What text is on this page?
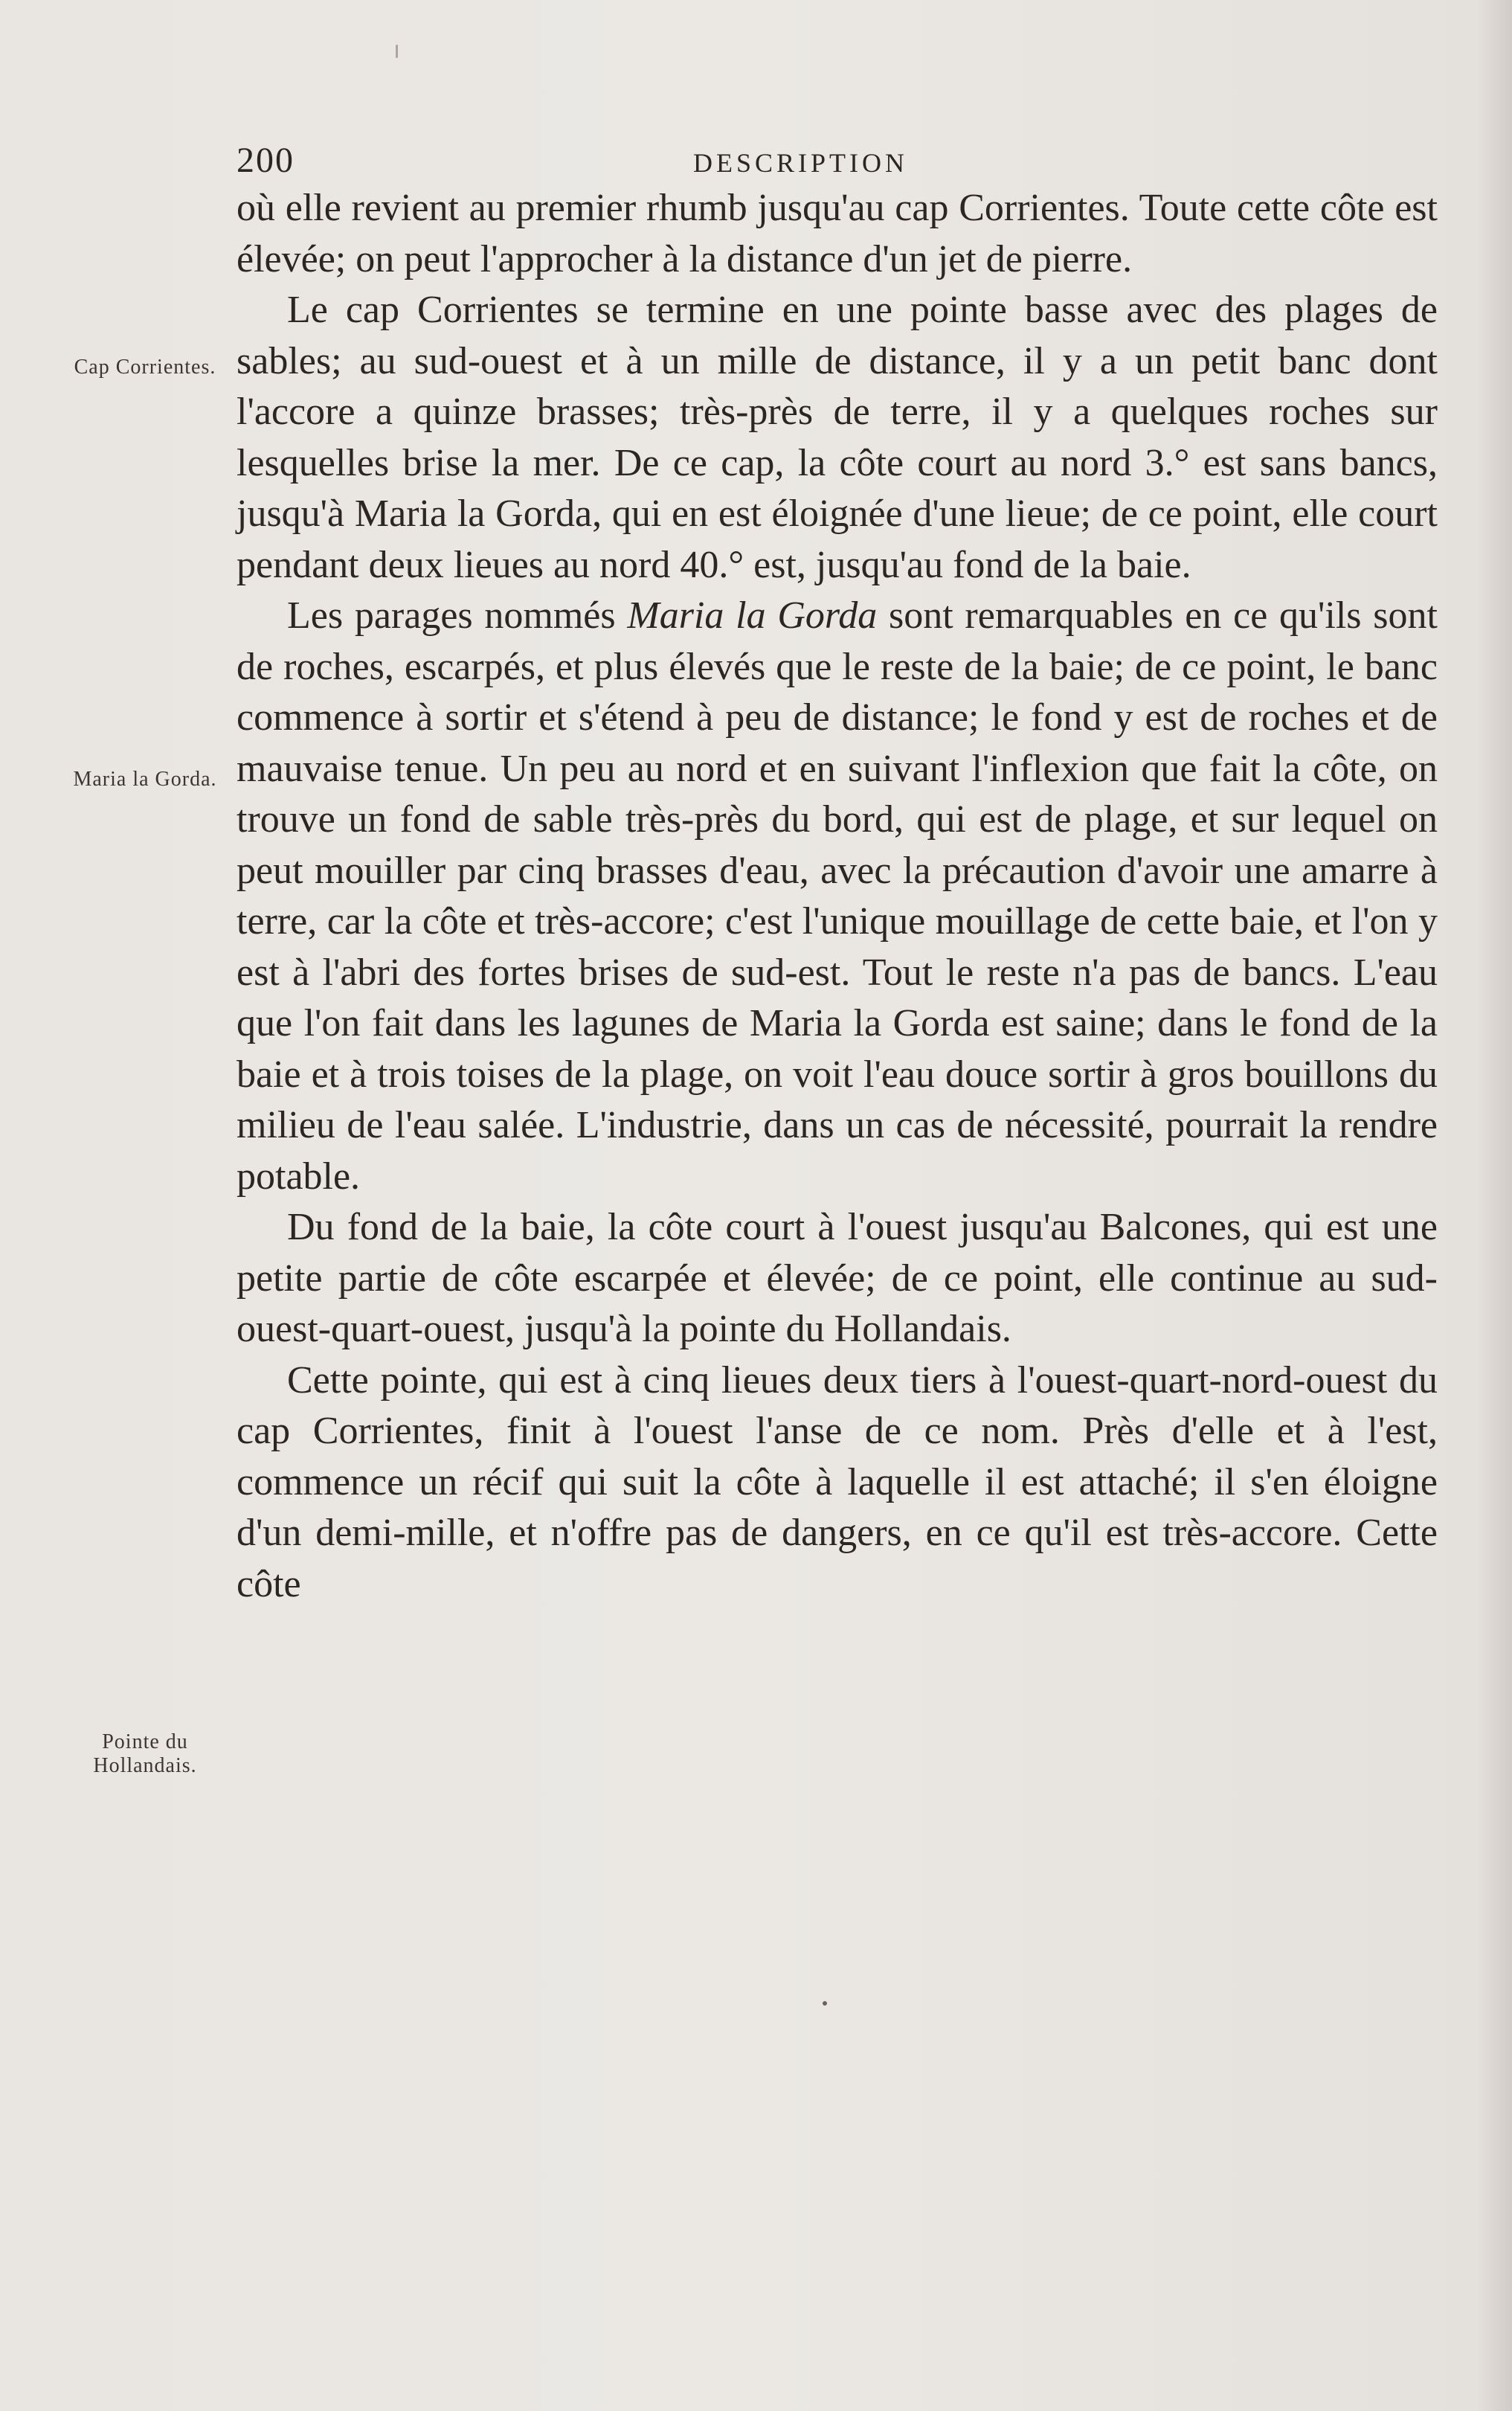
200	DESCRIPTION
Cap Corrientes.
Maria la Gorda.
Pointe du Hollandais.

où elle revient au premier rhumb jusqu'au cap Corrientes. Toute cette côte est élevée; on peut l'approcher à la distance d'un jet de pierre.

Le cap Corrientes se termine en une pointe basse avec des plages de sables; au sud-ouest et à un mille de distance, il y a un petit banc dont l'accore a quinze brasses; très-près de terre, il y a quelques roches sur lesquelles brise la mer. De ce cap, la côte court au nord 3.° est sans bancs, jusqu'à Maria la Gorda, qui en est éloignée d'une lieue; de ce point, elle court pendant deux lieues au nord 40.° est, jusqu'au fond de la baie.

Les parages nommés Maria la Gorda sont remarquables en ce qu'ils sont de roches, escarpés, et plus élevés que le reste de la baie; de ce point, le banc commence à sortir et s'étend à peu de distance; le fond y est de roches et de mauvaise tenue. Un peu au nord et en suivant l'inflexion que fait la côte, on trouve un fond de sable très-près du bord, qui est de plage, et sur lequel on peut mouiller par cinq brasses d'eau, avec la précaution d'avoir une amarre à terre, car la côte et très-accore; c'est l'unique mouillage de cette baie, et l'on y est à l'abri des fortes brises de sud-est. Tout le reste n'a pas de bancs. L'eau que l'on fait dans les lagunes de Maria la Gorda est saine; dans le fond de la baie et à trois toises de la plage, on voit l'eau douce sortir à gros bouillons du milieu de l'eau salée. L'industrie, dans un cas de nécessité, pourrait la rendre potable.

Du fond de la baie, la côte court à l'ouest jusqu'au Balcones, qui est une petite partie de côte escarpée et élevée; de ce point, elle continue au sud-ouest-quart-ouest, jusqu'à la pointe du Hollandais.

Cette pointe, qui est à cinq lieues deux tiers à l'ouest-quart-nord-ouest du cap Corrientes, finit à l'ouest l'anse de ce nom. Près d'elle et à l'est, commence un récif qui suit la côte à laquelle il est attaché; il s'en éloigne d'un demi-mille, et n'offre pas de dangers, en ce qu'il est très-accore. Cette côte
